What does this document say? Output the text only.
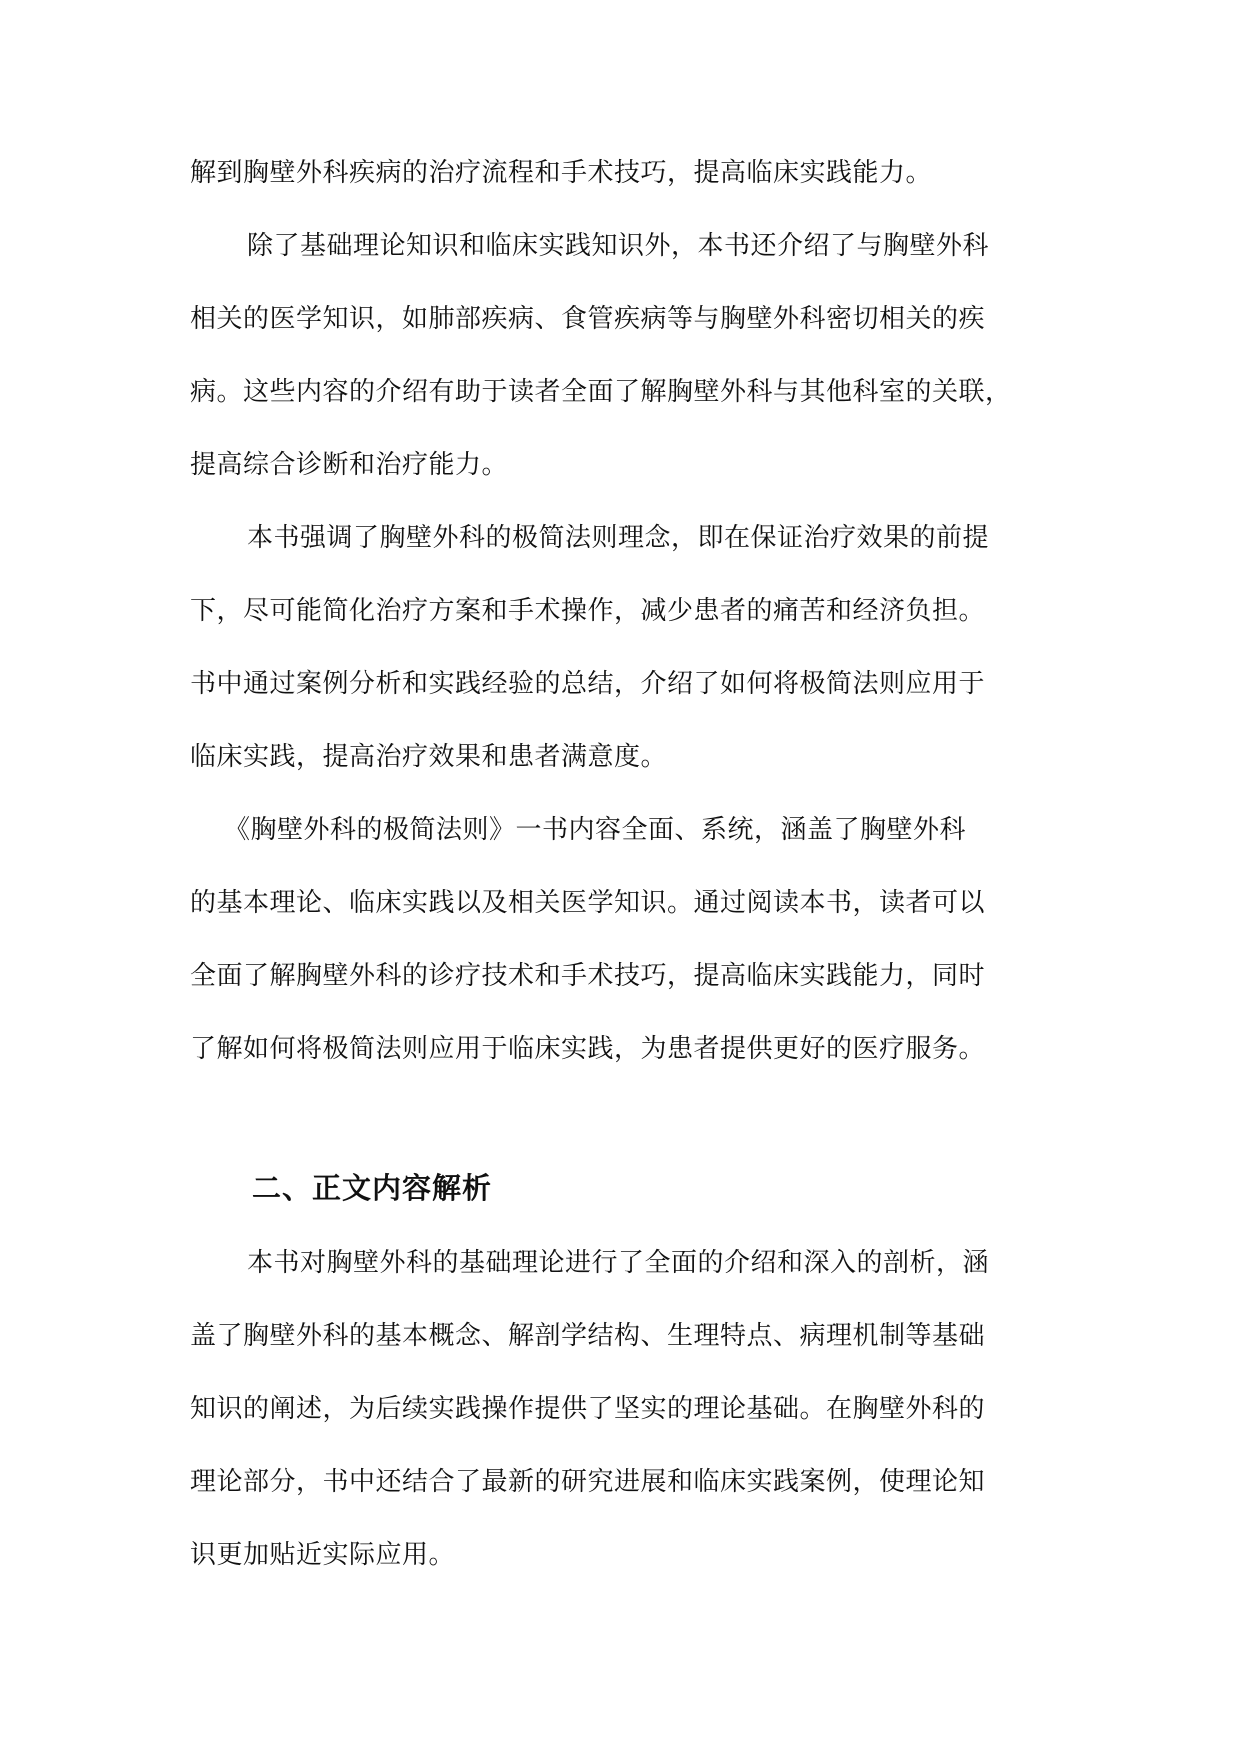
解到胸壁外科疾病的治疗流程和手术技巧，提高临床实践能力。

除了基础理论知识和临床实践知识外，本书还介绍了与胸壁外科

相关的医学知识，如肺部疾病、食管疾病等与胸壁外科密切相关的疾

病。这些内容的介绍有助于读者全面了解胸壁外科与其他科室的关联，

提高综合诊断和治疗能力。

本书强调了胸壁外科的极简法则理念，即在保证治疗效果的前提

下，尽可能简化治疗方案和手术操作，减少患者的痛苦和经济负担。

书中通过案例分析和实践经验的总结，介绍了如何将极简法则应用于

临床实践，提高治疗效果和患者满意度。

《胸壁外科的极简法则》一书内容全面、系统，涵盖了胸壁外科

的基本理论、临床实践以及相关医学知识。通过阅读本书，读者可以

全面了解胸壁外科的诊疗技术和手术技巧，提高临床实践能力，同时

了解如何将极简法则应用于临床实践，为患者提供更好的医疗服务。

二、正文内容解析

本书对胸壁外科的基础理论进行了全面的介绍和深入的剖析，涵

盖了胸壁外科的基本概念、解剖学结构、生理特点、病理机制等基础

知识的阐述，为后续实践操作提供了坚实的理论基础。在胸壁外科的

理论部分，书中还结合了最新的研究进展和临床实践案例，使理论知

识更加贴近实际应用。
